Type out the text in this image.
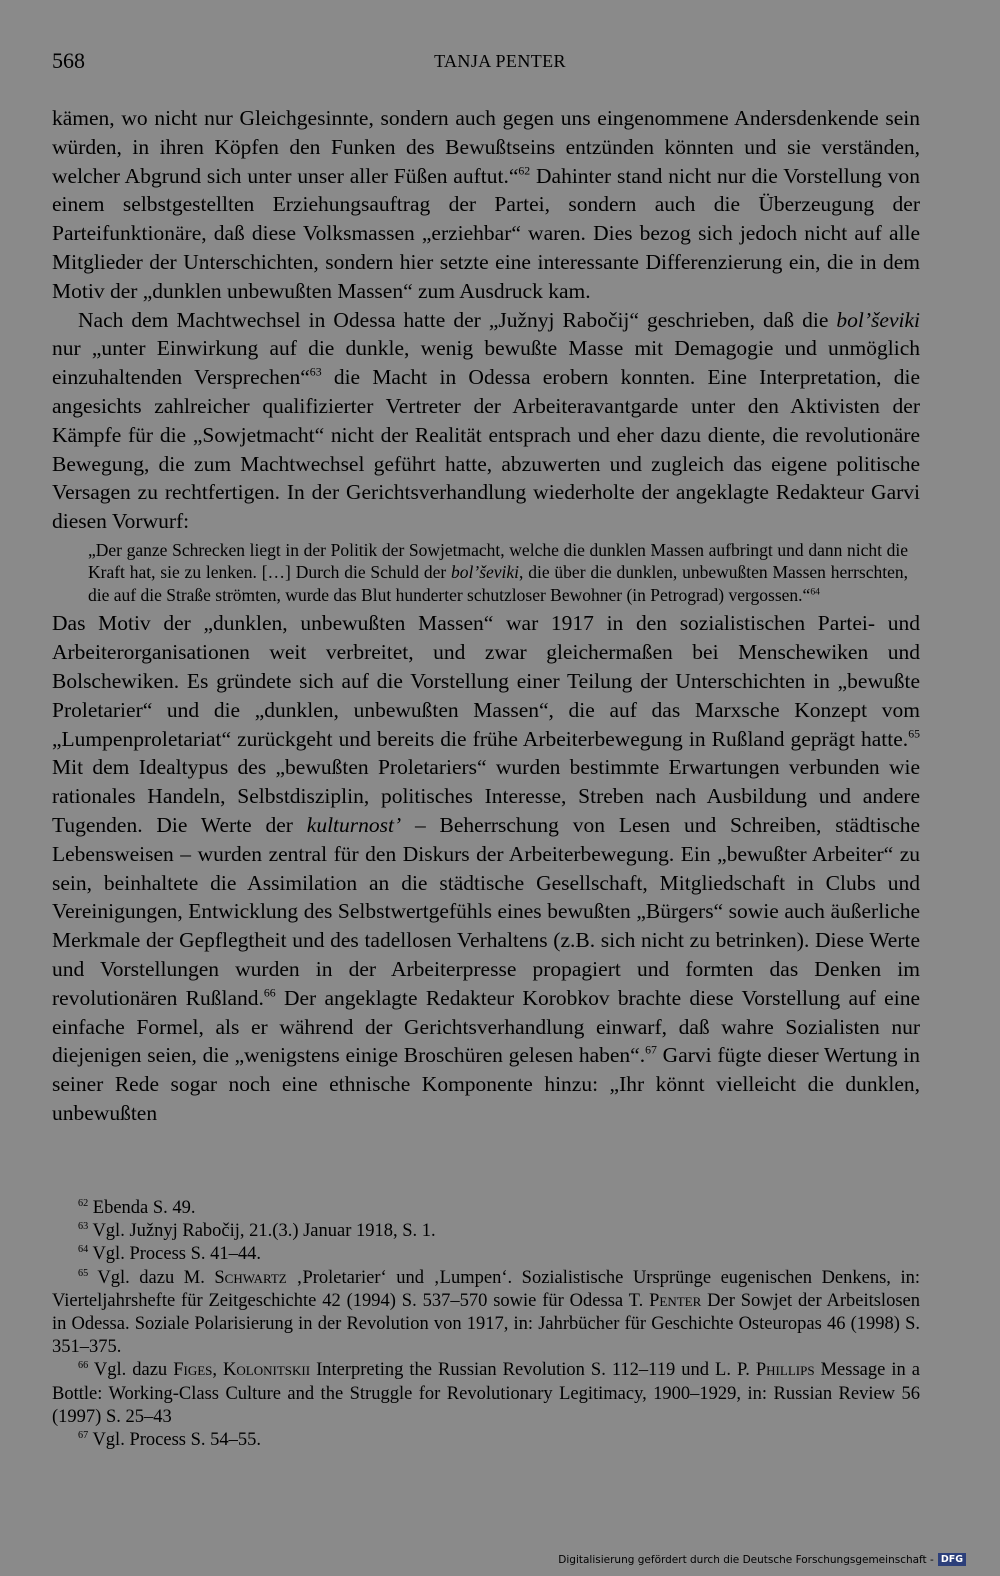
568	TANJA PENTER

kämen, wo nicht nur Gleichgesinnte, sondern auch gegen uns eingenommene Andersdenkende sein würden, in ihren Köpfen den Funken des Bewußtseins entzünden könnten und sie verständen, welcher Abgrund sich unter unser aller Füßen auftut.“$^{62}$ Dahinter stand nicht nur die Vorstellung von einem selbstgestellten Erziehungsauftrag der Partei, sondern auch die Überzeugung der Parteifunktionäre, daß diese Volksmassen „erziehbar“ waren. Dies bezog sich jedoch nicht auf alle Mitglieder der Unterschichten, sondern hier setzte eine interessante Differenzierung ein, die in dem Motiv der „dunklen unbewußten Massen“ zum Ausdruck kam.

Nach dem Machtwechsel in Odessa hatte der „Južnyj Rabočij“ geschrieben, daß die bol’ševiki nur „unter Einwirkung auf die dunkle, wenig bewußte Masse mit Demagogie und unmöglich einzuhaltenden Versprechen“$^{63}$ die Macht in Odessa erobern konnten. Eine Interpretation, die angesichts zahlreicher qualifizierter Vertreter der Arbeiteravantgarde unter den Aktivisten der Kämpfe für die „Sowjetmacht“ nicht der Realität entsprach und eher dazu diente, die revolutionäre Bewegung, die zum Machtwechsel geführt hatte, abzuwerten und zugleich das eigene politische Versagen zu rechtfertigen. In der Gerichtsverhandlung wiederholte der angeklagte Redakteur Garvi diesen Vorwurf:

„Der ganze Schrecken liegt in der Politik der Sowjetmacht, welche die dunklen Massen aufbringt und dann nicht die Kraft hat, sie zu lenken. […] Durch die Schuld der bol’ševiki, die über die dunklen, unbewußten Massen herrschten, die auf die Straße strömten, wurde das Blut hunderter schutzloser Bewohner (in Petrograd) vergossen.“$^{64}$

Das Motiv der „dunklen, unbewußten Massen“ war 1917 in den sozialistischen Partei- und Arbeiterorganisationen weit verbreitet, und zwar gleichermaßen bei Menschewiken und Bolschewiken. Es gründete sich auf die Vorstellung einer Teilung der Unterschichten in „bewußte Proletarier“ und die „dunklen, unbewußten Massen“, die auf das Marxsche Konzept vom „Lumpenproletariat“ zurückgeht und bereits die frühe Arbeiterbewegung in Rußland geprägt hatte.$^{65}$ Mit dem Idealtypus des „bewußten Proletariers“ wurden bestimmte Erwartungen verbunden wie rationales Handeln, Selbstdisziplin, politisches Interesse, Streben nach Ausbildung und andere Tugenden. Die Werte der kulturnost’ – Beherrschung von Lesen und Schreiben, städtische Lebensweisen – wurden zentral für den Diskurs der Arbeiterbewegung. Ein „bewußter Arbeiter“ zu sein, beinhaltete die Assimilation an die städtische Gesellschaft, Mitgliedschaft in Clubs und Vereinigungen, Entwicklung des Selbstwertgefühls eines bewußten „Bürgers“ sowie auch äußerliche Merkmale der Gepflegtheit und des tadellosen Verhaltens (z.B. sich nicht zu betrinken). Diese Werte und Vorstellungen wurden in der Arbeiterpresse propagiert und formten das Denken im revolutionären Rußland.$^{66}$ Der angeklagte Redakteur Korobkov brachte diese Vorstellung auf eine einfache Formel, als er während der Gerichtsverhandlung einwarf, daß wahre Sozialisten nur diejenigen seien, die „wenigstens einige Broschüren gelesen haben“.$^{67}$ Garvi fügte dieser Wertung in seiner Rede sogar noch eine ethnische Komponente hinzu: „Ihr könnt vielleicht die dunklen, unbewußten

$^{62}$ Ebenda S. 49.

$^{63}$ Vgl. Južnyj Rabočij, 21.(3.) Januar 1918, S. 1.

$^{64}$ Vgl. Process S. 41–44.

$^{65}$ Vgl. dazu M. Schwartz ‚Proletarier‘ und ‚Lumpen‘. Sozialistische Ursprünge eugenischen Denkens, in: Vierteljahrshefte für Zeitgeschichte 42 (1994) S. 537–570 sowie für Odessa T. Penter Der Sowjet der Arbeitslosen in Odessa. Soziale Polarisierung in der Revolution von 1917, in: Jahrbücher für Geschichte Osteuropas 46 (1998) S. 351–375.

$^{66}$ Vgl. dazu Figes, Kolonitskii Interpreting the Russian Revolution S. 112–119 und L. P. Phillips Message in a Bottle: Working-Class Culture and the Struggle for Revolutionary Legitimacy, 1900–1929, in: Russian Review 56 (1997) S. 25–43

$^{67}$ Vgl. Process S. 54–55.

Digitalisierung gefördert durch die Deutsche Forschungsgemeinschaft - DFG
